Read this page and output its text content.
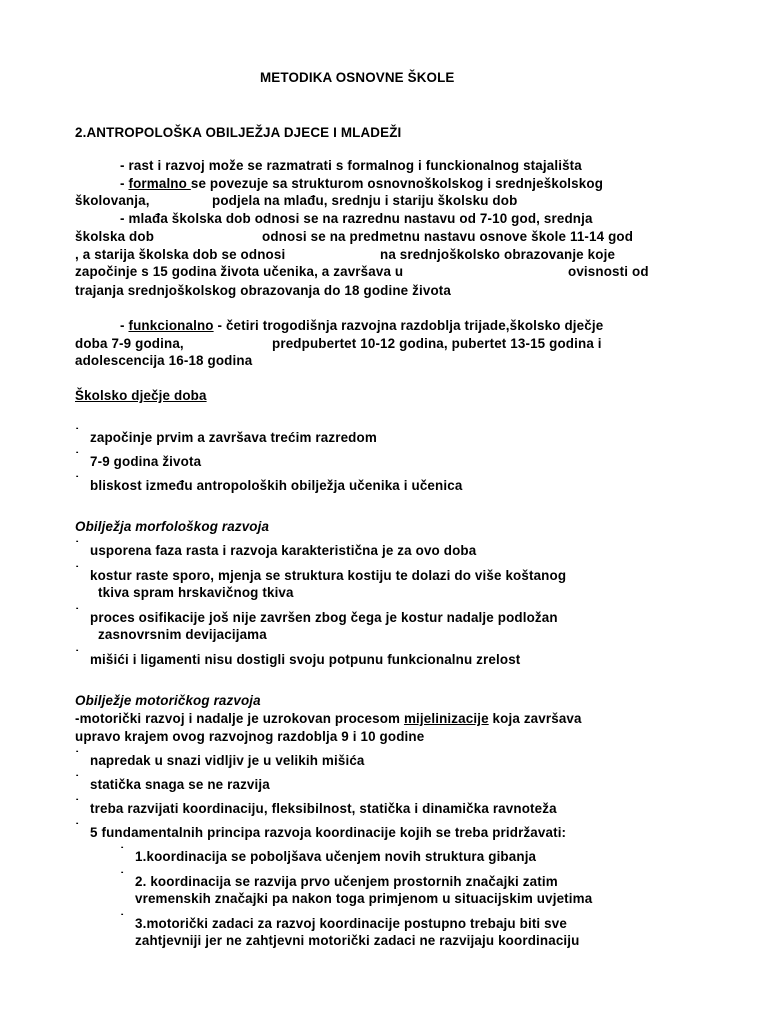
METODIKA OSNOVNE ŠKOLE
2.ANTROPOLOŠKA OBILJEŽJA DJECE I MLADEŽI
- rast i razvoj može se razmatrati s formalnog i funckionalnog stajališta
- formalno se povezuje sa strukturom osnovnoškolskog i srednješkolskog
školovanja,	podjela na mlađu, srednju i stariju školsku dob
- mlađa školska dob odnosi se na razrednu nastavu od 7-10 god, srednja
školska dob	odnosi se na predmetnu nastavu osnove škole 11-14 god
, a starija školska dob se odnosi	na srednjoškolsko obrazovanje koje
započinje s 15 godina života učenika, a završava u	ovisnosti od
trajanja srednjoškolskog obrazovanja do 18 godine života
- funkcionalno - četiri trogodišnja razvojna razdoblja trijade,školsko dječje
doba 7-9 godina,	predpubertet 10-12 godina, pubertet 13-15 godina i
adolescencija 16-18 godina
Školsko dječje doba
˙ započinje prvim a završava trećim razredom
˙ 7-9 godina života
˙ bliskost između antropoloških obilježja učenika i učenica
Obilježja morfološkog razvoja
˙ usporena faza rasta i razvoja karakteristična je za ovo doba
˙ kostur raste sporo, mjenja se struktura kostiju te dolazi do više koštanog
tkiva spram hrskavičnog tkiva
˙ proces osifikacije još nije završen zbog čega je kostur nadalje podložan
zasnovrsnim devijacijama
˙ mišići i ligamenti nisu dostigli svoju potpunu funkcionalnu zrelost
Obilježje motoričkog razvoja
-motorički razvoj i nadalje je uzrokovan procesom mijelinizacije koja završava
upravo krajem ovog razvojnog razdoblja 9 i 10 godine
˙ napredak u snazi vidljiv je u velikih mišića
˙ statička snaga se ne razvija
˙ treba razvijati koordinaciju, fleksibilnost, statička i dinamička ravnoteža
˙ 5 fundamentalnih principa razvoja koordinacije kojih se treba pridržavati:
˙ 1.koordinacija se poboljšava učenjem novih struktura gibanja
˙ 2. koordinacija se razvija prvo učenjem prostornih značajki zatim
vremenskih značajki pa nakon toga primjenom u situacijskim uvjetima
˙ 3.motorički zadaci za razvoj koordinacije postupno trebaju biti sve
zahtjevniji jer ne zahtjevni motorički zadaci ne razvijaju koordinaciju
